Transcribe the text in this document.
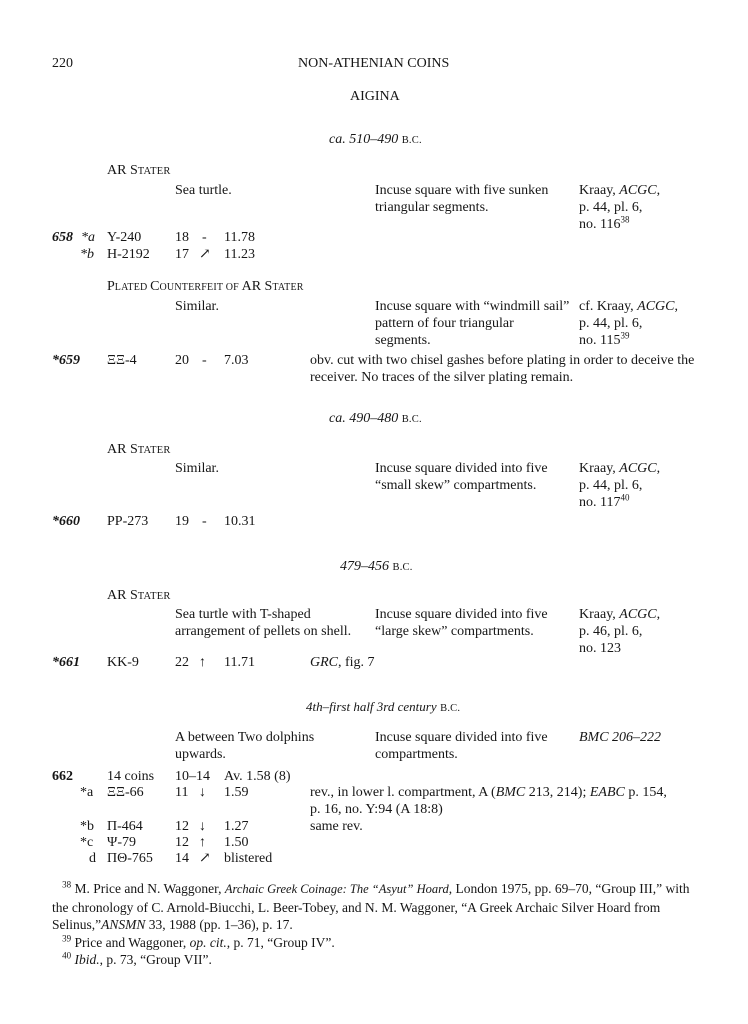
220	NON-ATHENIAN COINS
AIGINA
ca. 510–490 B.C.
AR STATER
Sea turtle.	Incuse square with five sunken triangular segments.
Kraay, ACGC,
p. 44, pl. 6,
no. $116^{38}$
658 *a Υ-240 18 - 11.78
*b H-2192 17 ↗ 11.23
PLATED COUNTERFEIT OF AR STATER
Similar.	Incuse square with “windmill sail” pattern of four triangular segments.
cf. Kraay, ACGC,
p. 44, pl. 6,
no. $115^{39}$
*659 ΞΞ-4	20 - 7.03	obv. cut with two chisel gashes before plating in order to deceive the receiver. No traces of the silver plating remain.
ca. 490–480 B.C.
AR STATER
Similar.	Incuse square divided into five “small skew” compartments.
Kraay, ACGC,
p. 44, pl. 6,
no. $117^{40}$
*660 PP-273 19 - 10.31
479–456 B.C.
AR STATER
Sea turtle with T-shaped arrangement of pellets on shell.
Incuse square divided into five “large skew” compartments.
Kraay, ACGC,
p. 46, pl. 6,
no. 123
*661 KK-9	22 ↑ 11.71	GRC, fig. 7
4th–first half 3rd century B.C.
A between Two dolphins upwards.
Incuse square divided into five compartments.
BMC 206–222
662 14 coins 10–14 Av. 1.58 (8)
*a ΞΞ-66 11 ↓ 1.59	rev., in lower l. compartment, A (BMC 213, 214); EABC p. 154,
p. 16, no. Y:94 (A 18:8)
*b Π-464 12 ↓ 1.27	same rev.
*c Ψ-79	12 ↑ 1.50
d ΠΘ-765 14 ↗ blistered
$^{38}$ M. Price and N. Waggoner, Archaic Greek Coinage: The “Asyut” Hoard, London 1975, pp. 69–70, “Group III,” with
the chronology of C. Arnold-Biucchi, L. Beer-Tobey, and N. M. Waggoner, “A Greek Archaic Silver Hoard from
Selinus,”ANSMN 33, 1988 (pp. 1–36), p. 17.
$^{39}$ Price and Waggoner, op. cit., p. 71, “Group IV”.
$^{40}$ Ibid., p. 73, “Group VII”.
